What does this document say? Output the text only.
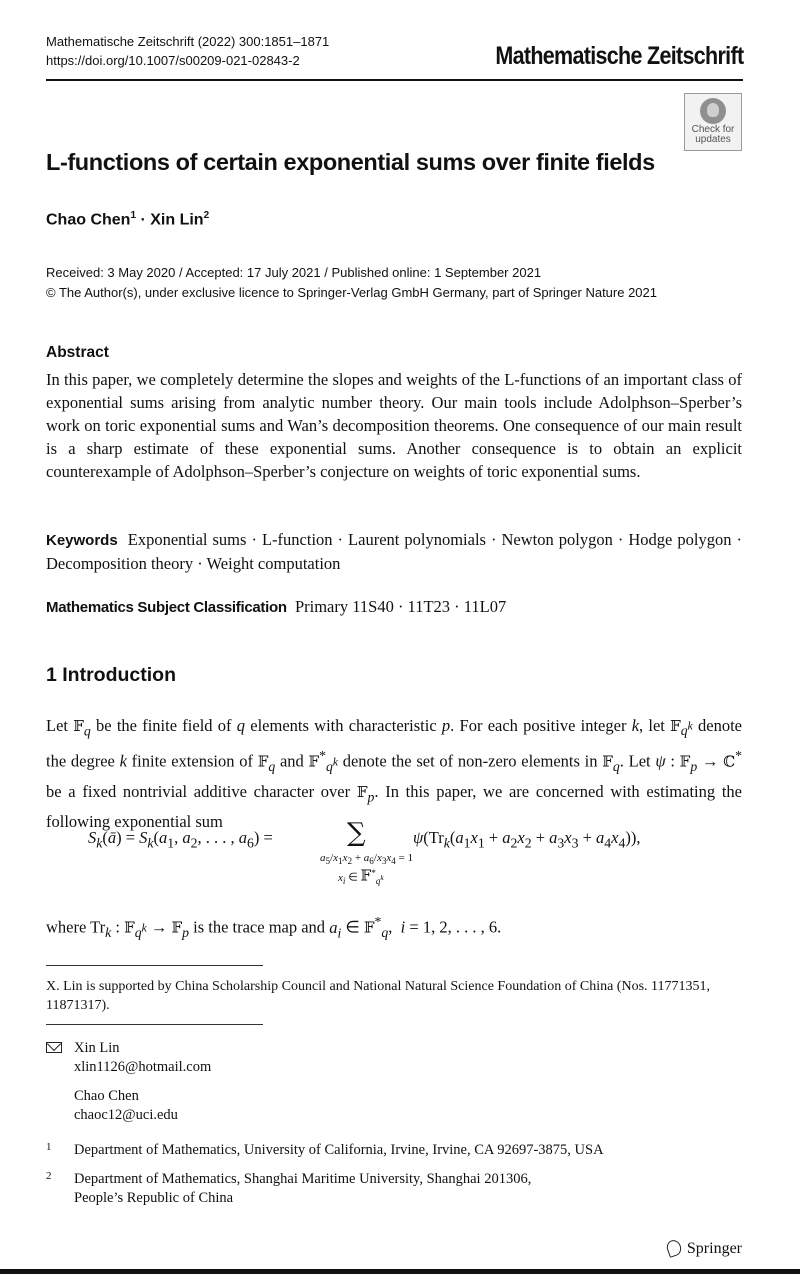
Mathematische Zeitschrift (2022) 300:1851–1871
https://doi.org/10.1007/s00209-021-02843-2	Mathematische Zeitschrift
Check for
updates
L-functions of certain exponential sums over finite fields
Chao Chen$^1$ · Xin Lin$^2$
Received: 3 May 2020 / Accepted: 17 July 2021 / Published online: 1 September 2021
© The Author(s), under exclusive licence to Springer-Verlag GmbH Germany, part of Springer Nature 2021
Abstract
In this paper, we completely determine the slopes and weights of the L-functions of an important class of exponential sums arising from analytic number theory. Our main tools include Adolphson–Sperber’s work on toric exponential sums and Wan’s decomposition theorems. One consequence of our main result is a sharp estimate of these exponential sums. Another consequence is to obtain an explicit counterexample of Adolphson–Sperber’s conjecture on weights of toric exponential sums.
Keywords Exponential sums · L-function · Laurent polynomials · Newton polygon · Hodge polygon · Decomposition theory · Weight computation
Mathematics Subject Classification Primary 11S40 · 11T23 · 11L07
1 Introduction
Let 𝔽$_q$ be the finite field of q elements with characteristic p. For each positive integer k, let 𝔽$_{q^k}$ denote the degree k finite extension of 𝔽$_q$ and 𝔽*$_{q^k}$ denote the set of non-zero elements in 𝔽$_q$. Let ψ : 𝔽$_p$ → ℂ* be a fixed nontrivial additive character over 𝔽$_p$. In this paper, we are concerned with estimating the following exponential sum
$S_k(ā) = S_k(a_1$, $a_2$, . . . , $a_6$) =	∑
$a_5/x_1x_2 + a_6/x_3x_4 = 1$
$x_i$ ∈ 𝔽*$_{q^k}$
$\psi(Tr_k(a_1x_1 + a_2x_2 + a_3x_3 + a_4x_4))$,
where $Tr_k$ : 𝔽$_{q^k}$ → 𝔽$_p$ is the trace map and $a_i$ ∈ 𝔽*$_q$,  i = 1, 2, . . . , 6.
X. Lin is supported by China Scholarship Council and National Natural Science Foundation of China (Nos. 11771351, 11871317).
Xin Lin
xlin1126@hotmail.com
Chao Chen
chaoc12@uci.edu
1 Department of Mathematics, University of California, Irvine, Irvine, CA 92697-3875, USA
2 Department of Mathematics, Shanghai Maritime University, Shanghai 201306,
People’s Republic of China
Springer
